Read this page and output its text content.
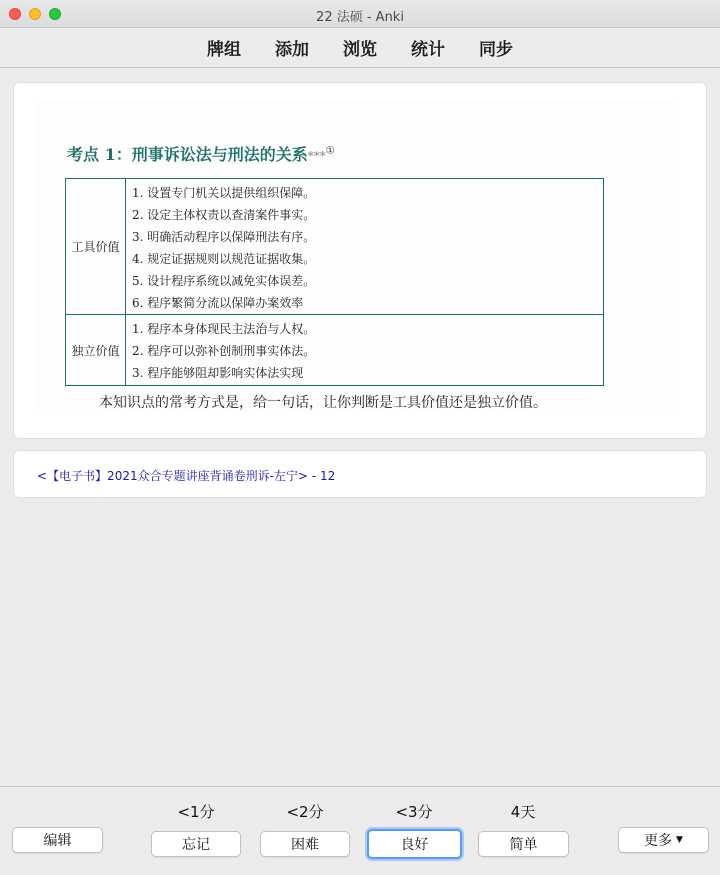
22 法硕 - Anki
牌组 添加 浏览 统计 同步
考点 1：刑事诉讼法与刑法的关系***①
工具价值
1. 设置专门机关以提供组织保障。
2. 设定主体权责以查清案件事实。
3. 明确活动程序以保障刑法有序。
4. 规定证据规则以规范证据收集。
5. 设计程序系统以减免实体误差。
6. 程序繁简分流以保障办案效率
独立价值
1. 程序本身体现民主法治与人权。
2. 程序可以弥补创制刑事实体法。
3. 程序能够阻却影响实体法实现
本知识点的常考方式是，给一句话，让你判断是工具价值还是独立价值。
<【电子书】2021众合专题讲座背诵卷刑诉-左宁> - 12
编辑
<1分	<2分	<3分	4天
忘记	困难	良好	简单	更多 ▼
